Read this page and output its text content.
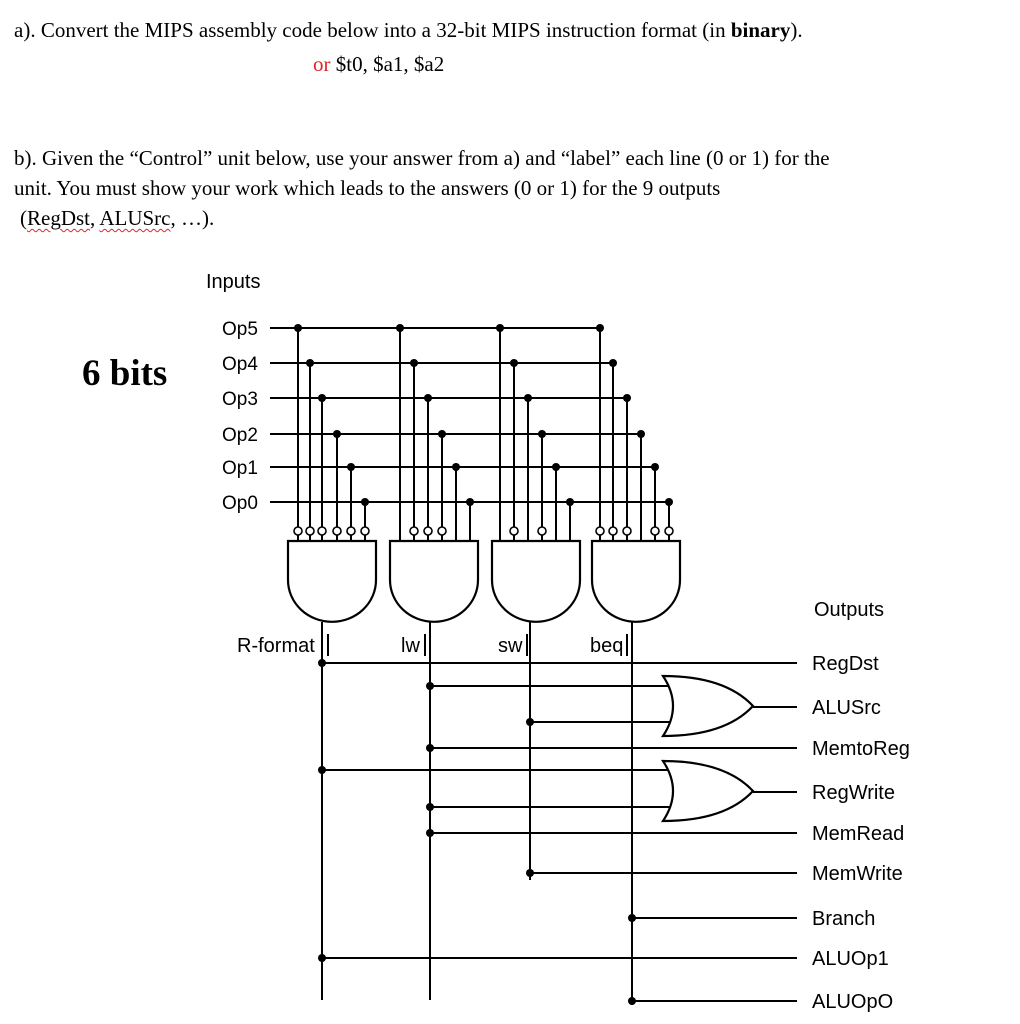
a). Convert the MIPS assembly code below into a 32-bit MIPS instruction format (in binary).
or $t0, $a1, $a2
b). Given the “Control” unit below, use your answer from a) and “label” each line (0 or 1) for the
unit. You must show your work which leads to the answers (0 or 1) for the 9 outputs
(RegDst, ALUSrc, …).
6 bits
Inputs
Op5
Op4
Op3
Op2
Op1
Op0
R-format	lw	sw	beq
Outputs
RegDst
ALUSrc
MemtoReg
RegWrite
MemRead
MemWrite
Branch
ALUOp1
ALUOpO
